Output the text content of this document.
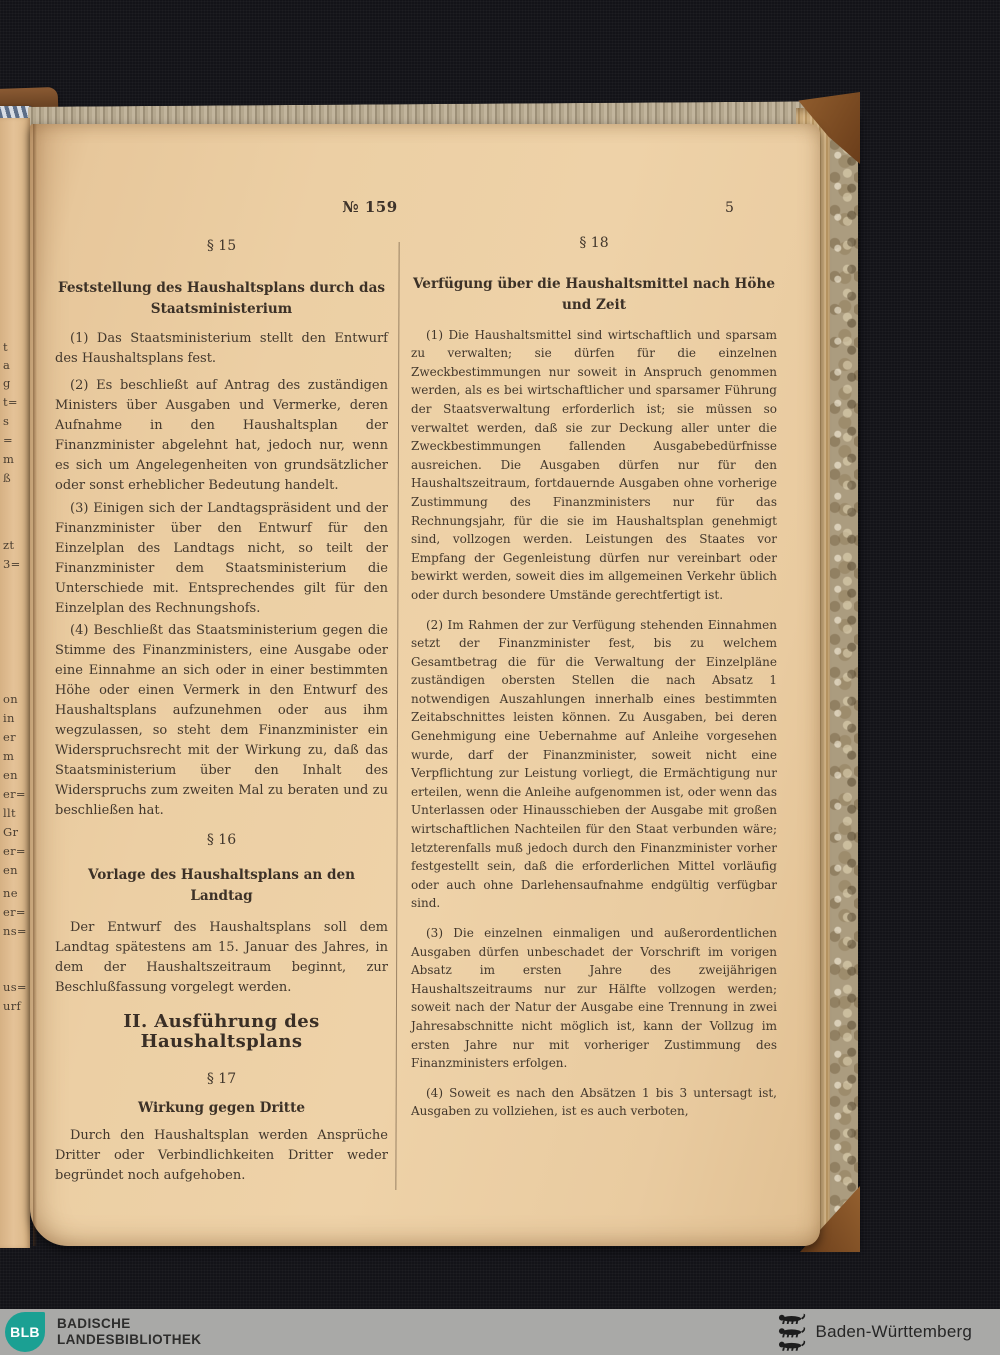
t
a
g
t=
s
=
m
ß
zt
3=
on
in
er
m
en
er=
llt
Gr
er=
en
ne
er=
ns=
us=
urf
№ 159	5

§ 15

Feststellung des Haushaltsplans durch das Staatsministerium

(1) Das Staatsministerium stellt den Entwurf des Haushaltsplans fest.

(2) Es beschließt auf Antrag des zuständigen Ministers über Ausgaben und Vermerke, deren Aufnahme in den Haushaltsplan der Finanzminister abgelehnt hat, jedoch nur, wenn es sich um Angelegenheiten von grundsätzlicher oder sonst erheblicher Bedeutung handelt.

(3) Einigen sich der Landtagspräsident und der Finanzminister über den Entwurf für den Einzelplan des Landtags nicht, so teilt der Finanzminister dem Staatsministerium die Unterschiede mit. Entsprechendes gilt für den Einzelplan des Rechnungshofs.

(4) Beschließt das Staatsministerium gegen die Stimme des Finanzministers, eine Ausgabe oder eine Einnahme an sich oder in einer bestimmten Höhe oder einen Vermerk in den Entwurf des Haushaltsplans aufzunehmen oder aus ihm wegzulassen, so steht dem Finanzminister ein Widerspruchsrecht mit der Wirkung zu, daß das Staatsministerium über den Inhalt des Widerspruchs zum zweiten Mal zu beraten und zu beschließen hat.

§ 16

Vorlage des Haushaltsplans an den Landtag

Der Entwurf des Haushaltsplans soll dem Landtag spätestens am 15. Januar des Jahres, in dem der Haushaltszeitraum beginnt, zur Beschlußfassung vorgelegt werden.

II. Ausführung des Haushaltsplans

§ 17

Wirkung gegen Dritte

Durch den Haushaltsplan werden Ansprüche Dritter oder Verbindlichkeiten Dritter weder begründet noch aufgehoben.

§ 18

Verfügung über die Haushaltsmittel nach Höhe und Zeit

(1) Die Haushaltsmittel sind wirtschaftlich und sparsam zu verwalten; sie dürfen für die einzelnen Zweckbestimmungen nur soweit in Anspruch genommen werden, als es bei wirtschaftlicher und sparsamer Führung der Staatsverwaltung erforderlich ist; sie müssen so verwaltet werden, daß sie zur Deckung aller unter die Zweckbestimmungen fallenden Ausgabebedürfnisse ausreichen. Die Ausgaben dürfen nur für den Haushaltszeitraum, fortdauernde Ausgaben ohne vorherige Zustimmung des Finanzministers nur für das Rechnungsjahr, für die sie im Haushaltsplan genehmigt sind, vollzogen werden. Leistungen des Staates vor Empfang der Gegenleistung dürfen nur vereinbart oder bewirkt werden, soweit dies im allgemeinen Verkehr üblich oder durch besondere Umstände gerechtfertigt ist.

(2) Im Rahmen der zur Verfügung stehenden Einnahmen setzt der Finanzminister fest, bis zu welchem Gesamtbetrag die für die Verwaltung der Einzelpläne zuständigen obersten Stellen die nach Absatz 1 notwendigen Auszahlungen innerhalb eines bestimmten Zeitabschnittes leisten können. Zu Ausgaben, bei deren Genehmigung eine Uebernahme auf Anleihe vorgesehen wurde, darf der Finanzminister, soweit nicht eine Verpflichtung zur Leistung vorliegt, die Ermächtigung nur erteilen, wenn die Anleihe aufgenommen ist, oder wenn das Unterlassen oder Hinausschieben der Ausgabe mit großen wirtschaftlichen Nachteilen für den Staat verbunden wäre; letzterenfalls muß jedoch durch den Finanzminister vorher festgestellt sein, daß die erforderlichen Mittel vorläufig oder auch ohne Darlehensaufnahme endgültig verfügbar sind.

(3) Die einzelnen einmaligen und außerordentlichen Ausgaben dürfen unbeschadet der Vorschrift im vorigen Absatz im ersten Jahre des zweijährigen Haushaltszeitraums nur zur Hälfte vollzogen werden; soweit nach der Natur der Ausgabe eine Trennung in zwei Jahresabschnitte nicht möglich ist, kann der Vollzug im ersten Jahre nur mit vorheriger Zustimmung des Finanzministers erfolgen.

(4) Soweit es nach den Absätzen 1 bis 3 untersagt ist, Ausgaben zu vollziehen, ist es auch verboten,

BLB
BADISCHE
LANDESBIBLIOTHEK	Baden-Württemberg
